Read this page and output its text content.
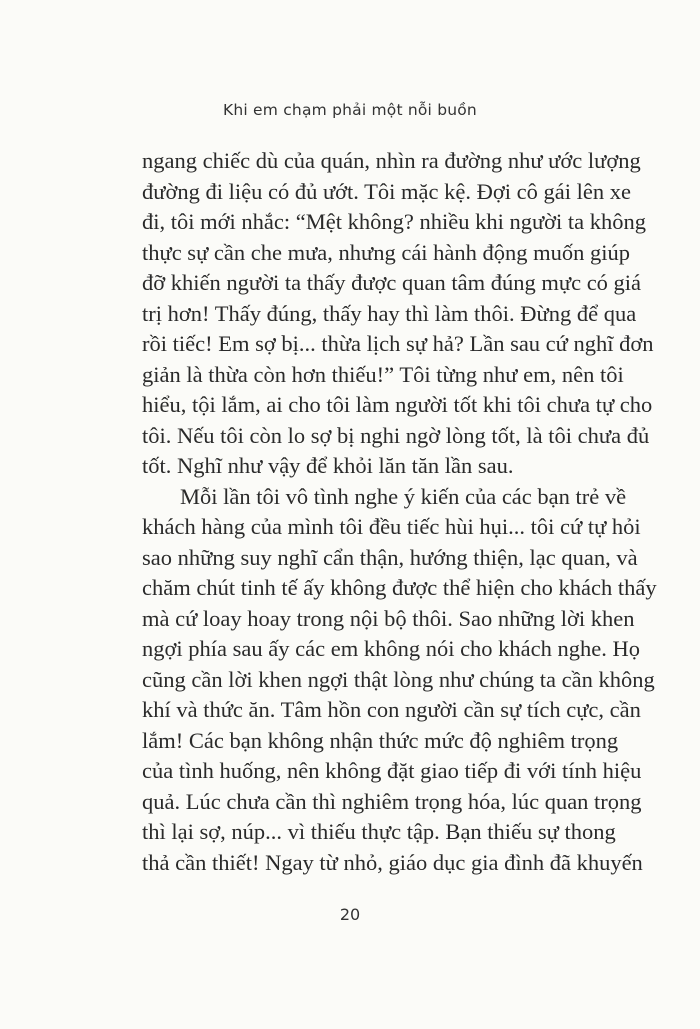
Khi em chạm phải một nỗi buồn
ngang chiếc dù của quán, nhìn ra đường như ước lượng
đường đi liệu có đủ ướt. Tôi mặc kệ. Đợi cô gái lên xe
đi, tôi mới nhắc: “Mệt không? nhiều khi người ta không
thực sự cần che mưa, nhưng cái hành động muốn giúp
đỡ khiến người ta thấy được quan tâm đúng mực có giá
trị hơn! Thấy đúng, thấy hay thì làm thôi. Đừng để qua
rồi tiếc! Em sợ bị... thừa lịch sự hả? Lần sau cứ nghĩ đơn
giản là thừa còn hơn thiếu!” Tôi từng như em, nên tôi
hiểu, tội lắm, ai cho tôi làm người tốt khi tôi chưa tự cho
tôi. Nếu tôi còn lo sợ bị nghi ngờ lòng tốt, là tôi chưa đủ
tốt. Nghĩ như vậy để khỏi lăn tăn lần sau.
Mỗi lần tôi vô tình nghe ý kiến của các bạn trẻ về
khách hàng của mình tôi đều tiếc hùi hụi... tôi cứ tự hỏi
sao những suy nghĩ cẩn thận, hướng thiện, lạc quan, và
chăm chút tinh tế ấy không được thể hiện cho khách thấy
mà cứ loay hoay trong nội bộ thôi. Sao những lời khen
ngợi phía sau ấy các em không nói cho khách nghe. Họ
cũng cần lời khen ngợi thật lòng như chúng ta cần không
khí và thức ăn. Tâm hồn con người cần sự tích cực, cần
lắm! Các bạn không nhận thức mức độ nghiêm trọng
của tình huống, nên không đặt giao tiếp đi với tính hiệu
quả. Lúc chưa cần thì nghiêm trọng hóa, lúc quan trọng
thì lại sợ, núp... vì thiếu thực tập. Bạn thiếu sự thong
thả cần thiết! Ngay từ nhỏ, giáo dục gia đình đã khuyến
20
